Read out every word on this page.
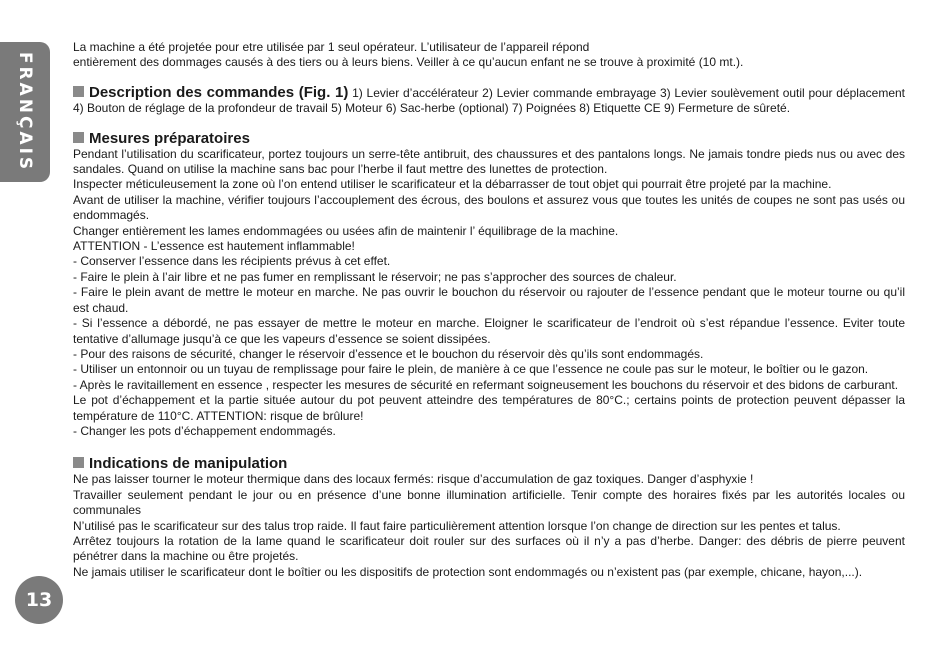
FRANÇAIS
13

La machine a été projetée pour etre utilisée par 1 seul opérateur. L’utilisateur de l’appareil répond

entièrement des dommages causés à des tiers ou à leurs biens. Veiller à ce qu’aucun enfant ne se trouve à proximité (10 mt.).

Description des commandes (Fig. 1) 1) Levier d’accélérateur 2) Levier commande embrayage 3) Levier soulèvement outil pour déplacement 4) Bouton de réglage de la profondeur de travail 5) Moteur 6) Sac-herbe (optional) 7) Poignées 8) Etiquette CE 9) Fermeture de sûreté.

Mesures préparatoires

Pendant l’utilisation du scarificateur, portez toujours un serre-tête antibruit, des chaussures et des pantalons longs. Ne jamais tondre pieds nus ou avec des sandales. Quand on utilise la machine sans bac pour l’herbe il faut mettre des lunettes de protection.

Inspecter méticuleusement la zone où l’on entend utiliser le scarificateur et la débarrasser de tout objet qui pourrait être projeté par la machine.

Avant de utiliser la machine, vérifier toujours l’accouplement des écrous, des boulons et assurez vous que toutes les unités de coupes ne sont pas usés ou endommagés.

Changer entièrement les lames endommagées ou usées afin de maintenir l’ équilibrage de la machine.

ATTENTION - L’essence est hautement inflammable!

- Conserver l’essence dans les récipients prévus à cet effet.

- Faire le plein à l’air libre et ne pas fumer en remplissant le réservoir; ne pas s’approcher des sources de chaleur.

- Faire le plein avant de mettre le moteur en marche. Ne pas ouvrir le bouchon du réservoir ou rajouter de l’essence pendant que le moteur tourne ou qu’il est chaud.

- Si l’essence a débordé, ne pas essayer de mettre le moteur en marche. Eloigner le scarificateur de l’endroit où s’est répandue l’essence. Eviter toute tentative d’allumage jusqu’à ce que les vapeurs d’essence se soient dissipées.

- Pour des raisons de sécurité, changer le réservoir d’essence et le bouchon du réservoir dès qu’ils sont endommagés.

- Utiliser un entonnoir ou un tuyau de remplissage pour faire le plein, de manière à ce que l’essence ne coule pas sur le moteur, le boîtier ou le gazon.

- Après le ravitaillement en essence , respecter les mesures de sécurité en refermant soigneusement les bouchons du réservoir et des bidons de carburant.

Le pot d’échappement et la partie située autour du pot peuvent atteindre des températures de 80°C.; certains points de protection peuvent dépasser la température de 110°C. ATTENTION: risque de brûlure!

- Changer les pots d’échappement endommagés.

Indications de manipulation

Ne pas laisser tourner le moteur thermique dans des locaux fermés: risque d’accumulation de gaz toxiques. Danger d’asphyxie !

Travailler seulement pendant le jour ou en présence d’une bonne illumination artificielle. Tenir compte des horaires fixés par les autorités locales ou communales

N’utilisé pas le scarificateur sur des talus trop raide. Il faut faire particulièrement attention lorsque l’on change de direction sur les pentes et talus.

Arrêtez toujours la rotation de la lame quand le scarificateur doit rouler sur des surfaces où il n’y a pas d’herbe. Danger: des débris de pierre peuvent pénétrer dans la machine ou être projetés.

Ne jamais utiliser le scarificateur dont le boîtier ou les dispositifs de protection sont endommagés ou n’existent pas (par exemple, chicane, hayon,...).
